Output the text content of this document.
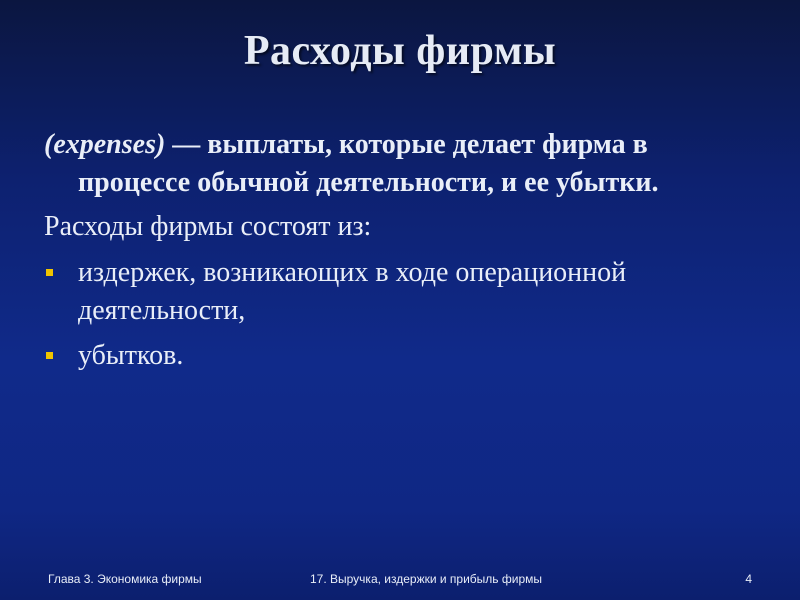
Расходы фирмы
(expenses) — выплаты, которые делает фирма в процессе обычной деятельности, и ее убытки.
Расходы фирмы состоят из:
издержек, возникающих в ходе операционной деятельности,
убытков.
Глава 3. Экономика фирмы	17. Выручка, издержки и прибыль фирмы	4
